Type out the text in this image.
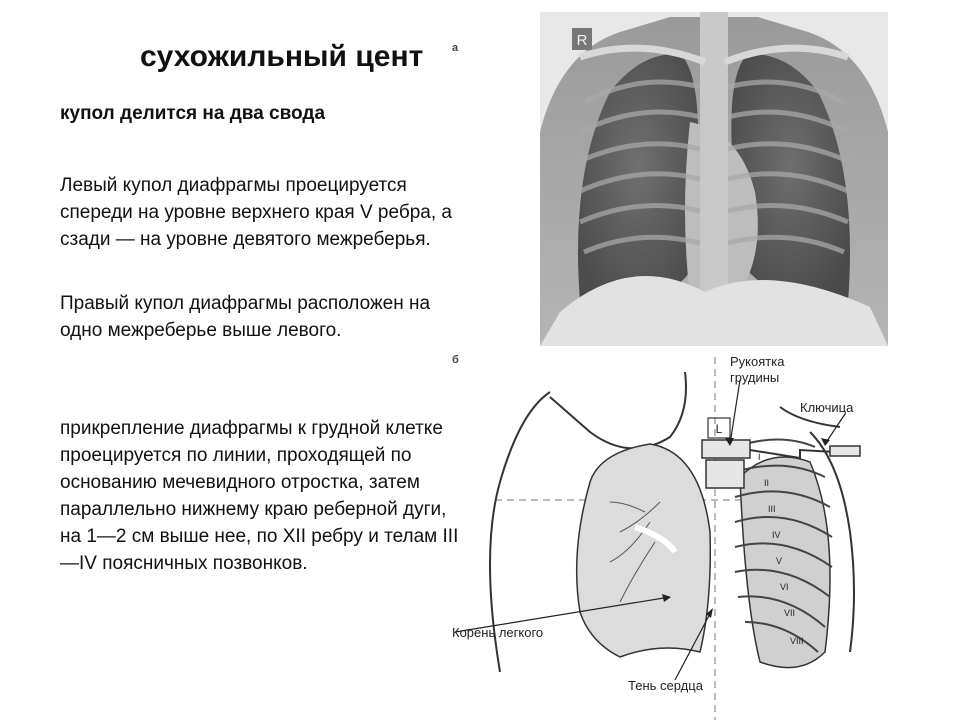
сухожильный цент

купол делится на два свода

Левый купол диафрагмы проецируется спереди на уровне верхнего края V ребра, а сзади — на уровне девятого межреберья.

Правый купол диафрагмы расположен на одно межреберье выше левого.

прикрепление диафрагмы к грудной клетке проецируется по линии, проходящей по основанию мечевидного отростка, затем параллельно нижнему краю реберной дуги, на 1—2 см выше нее, по XII ребру и телам III—IV поясничных позвонков.

а
б
R
L
I
II
III
IV
V
VI
VII
VIII
Рукоятка грудины
Ключица
Корень легкого
Тень сердца
